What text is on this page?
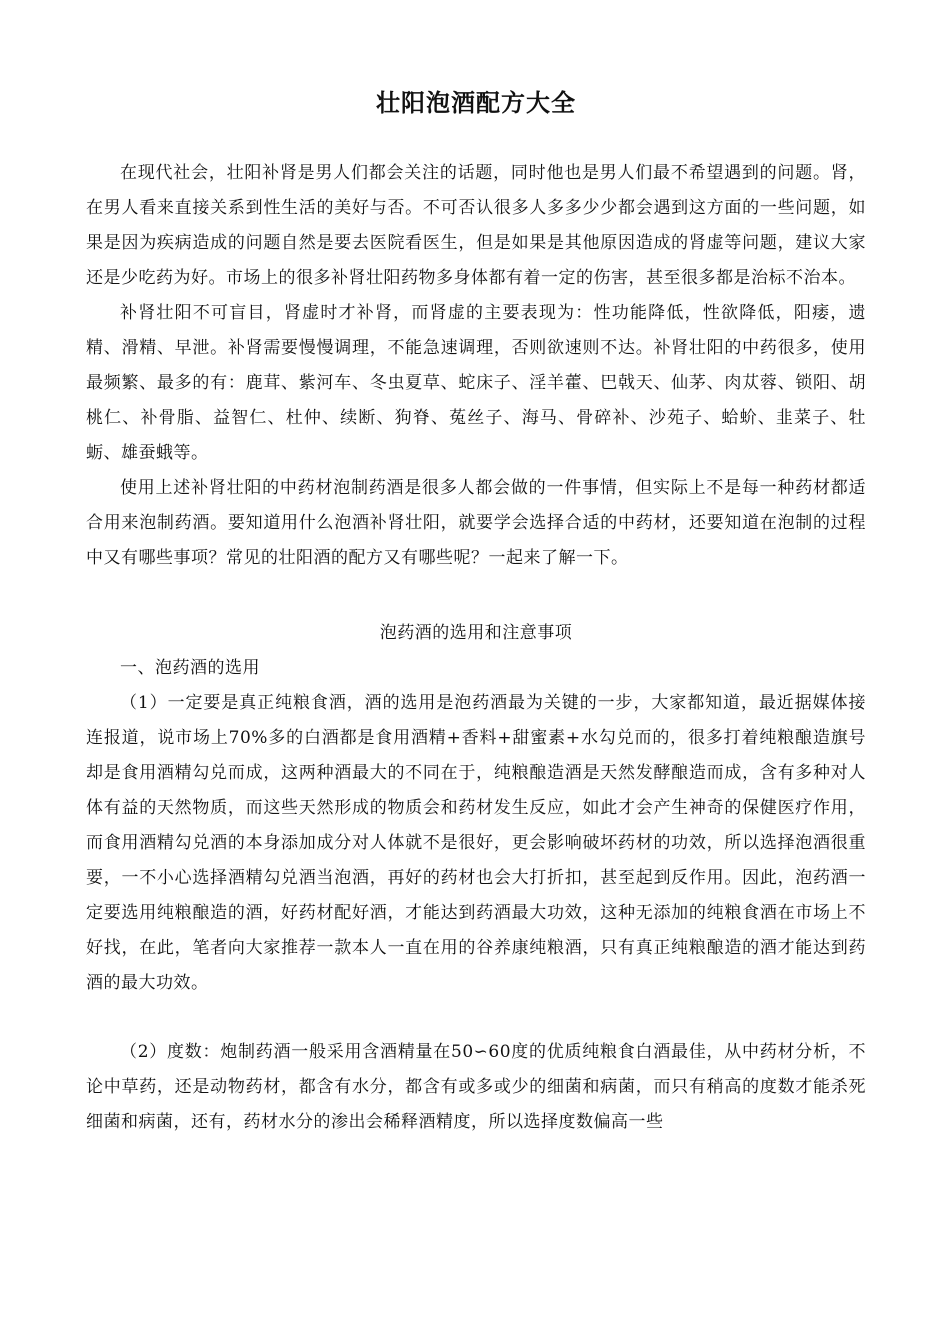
壮阳泡酒配方大全

在现代社会，壮阳补肾是男人们都会关注的话题，同时他也是男人们最不希望遇到的问题。肾，在男人看来直接关系到性生活的美好与否。不可否认很多人多多少少都会遇到这方面的一些问题，如果是因为疾病造成的问题自然是要去医院看医生，但是如果是其他原因造成的肾虚等问题，建议大家还是少吃药为好。市场上的很多补肾壮阳药物多身体都有着一定的伤害，甚至很多都是治标不治本。

补肾壮阳不可盲目，肾虚时才补肾，而肾虚的主要表现为：性功能降低，性欲降低，阳痿，遗精、滑精、早泄。补肾需要慢慢调理，不能急速调理，否则欲速则不达。补肾壮阳的中药很多，使用最频繁、最多的有：鹿茸、紫河车、冬虫夏草、蛇床子、淫羊藿、巴戟天、仙茅、肉苁蓉、锁阳、胡桃仁、补骨脂、益智仁、杜仲、续断、狗脊、菟丝子、海马、骨碎补、沙苑子、蛤蚧、韭菜子、牡蛎、雄蚕蛾等。

使用上述补肾壮阳的中药材泡制药酒是很多人都会做的一件事情，但实际上不是每一种药材都适合用来泡制药酒。要知道用什么泡酒补肾壮阳，就要学会选择合适的中药材，还要知道在泡制的过程中又有哪些事项？常见的壮阳酒的配方又有哪些呢？一起来了解一下。

泡药酒的选用和注意事项

一、泡药酒的选用

（1）一定要是真正纯粮食酒，酒的选用是泡药酒最为关键的一步，大家都知道，最近据媒体接连报道，说市场上70%多的白酒都是食用酒精+香料+甜蜜素+水勾兑而的，很多打着纯粮酿造旗号却是食用酒精勾兑而成，这两种酒最大的不同在于，纯粮酿造酒是天然发酵酿造而成，含有多种对人体有益的天然物质，而这些天然形成的物质会和药材发生反应，如此才会产生神奇的保健医疗作用，而食用酒精勾兑酒的本身添加成分对人体就不是很好，更会影响破坏药材的功效，所以选择泡酒很重要，一不小心选择酒精勾兑酒当泡酒，再好的药材也会大打折扣，甚至起到反作用。因此，泡药酒一定要选用纯粮酿造的酒，好药材配好酒，才能达到药酒最大功效，这种无添加的纯粮食酒在市场上不好找，在此，笔者向大家推荐一款本人一直在用的谷养康纯粮酒，只有真正纯粮酿造的酒才能达到药酒的最大功效。

（2）度数：炮制药酒一般采用含酒精量在50∽60度的优质纯粮食白酒最佳，从中药材分析，不论中草药，还是动物药材，都含有水分，都含有或多或少的细菌和病菌，而只有稍高的度数才能杀死细菌和病菌，还有，药材水分的渗出会稀释酒精度，所以选择度数偏高一些
